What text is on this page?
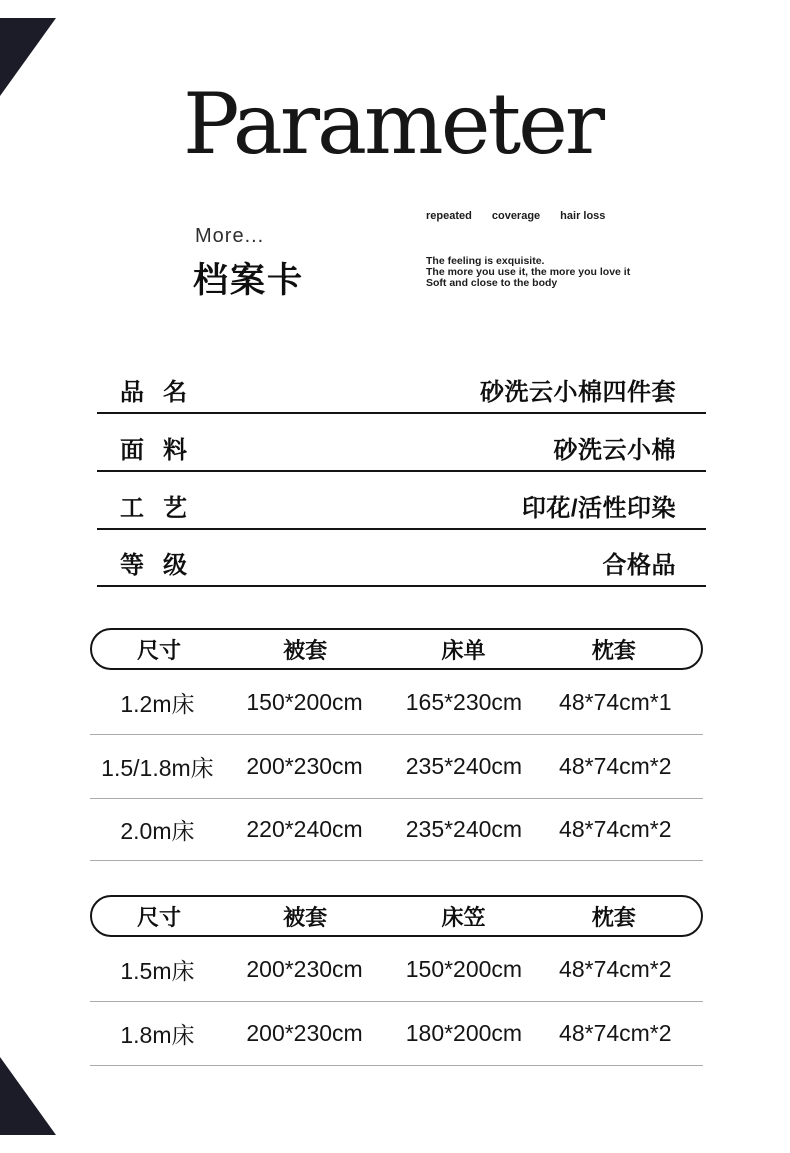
Parameter
More...
档案卡
repeated coverage hair loss
The feeling is exquisite.
The more you use it, the more you love it
Soft and close to the body
品 名	砂洗云小棉四件套
面 料	砂洗云小棉
工 艺	印花/活性印染
等 级	合格品
尺寸	被套	床单	枕套
1.2m床	150*200cm	165*230cm	48*74cm*1
1.5/1.8m床	200*230cm	235*240cm	48*74cm*2
2.0m床	220*240cm	235*240cm	48*74cm*2
尺寸	被套	床笠	枕套
1.5m床	200*230cm	150*200cm	48*74cm*2
1.8m床	200*230cm	180*200cm	48*74cm*2
